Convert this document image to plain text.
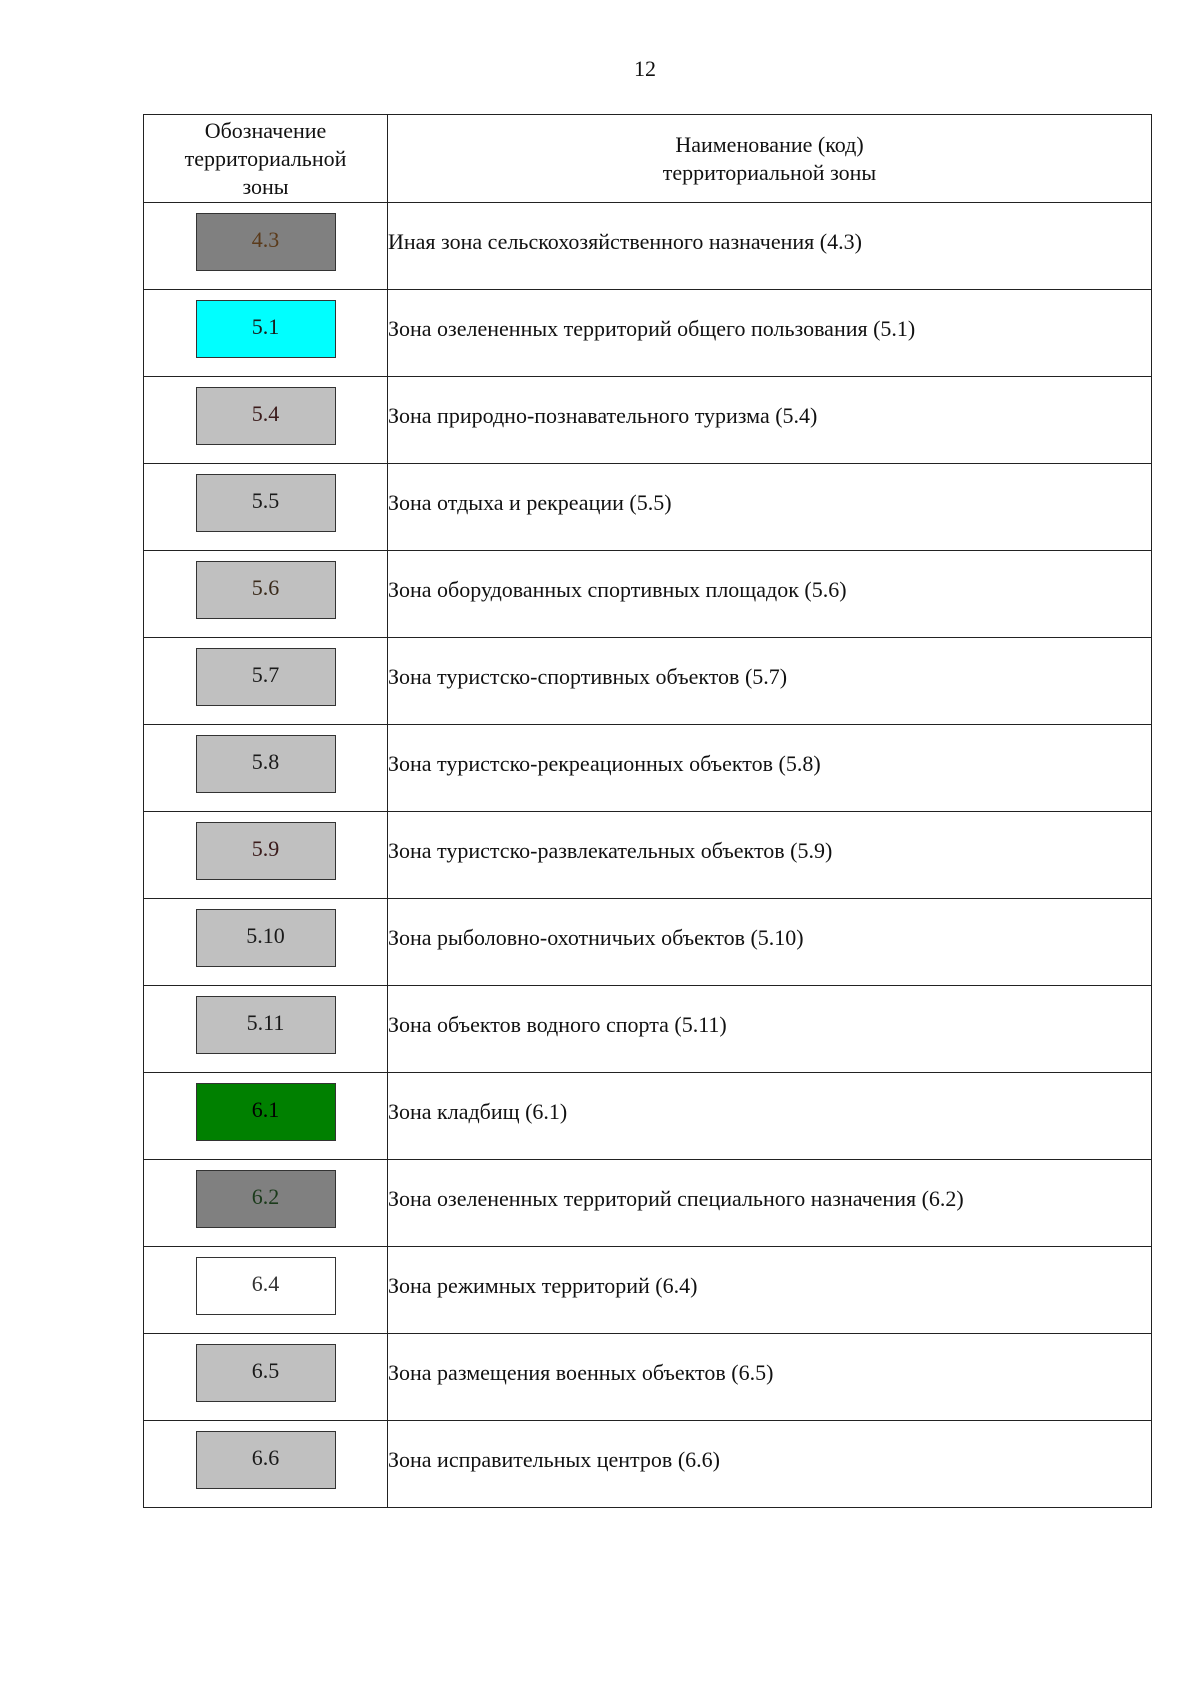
12
Обозначение
территориальной
зоны	Наименование (код)
территориальной зоны

4.3	Иная зона сельскохозяйственного назначения (4.3)
5.1	Зона озелененных территорий общего пользования (5.1)
5.4	Зона природно-познавательного туризма (5.4)
5.5	Зона отдыха и рекреации (5.5)
5.6	Зона оборудованных спортивных площадок (5.6)
5.7	Зона туристско-спортивных объектов (5.7)
5.8	Зона туристско-рекреационных объектов (5.8)
5.9	Зона туристско-развлекательных объектов (5.9)
5.10	Зона рыболовно-охотничьих объектов (5.10)
5.11	Зона объектов водного спорта (5.11)
6.1	Зона кладбищ (6.1)
6.2	Зона озелененных территорий специального назначения (6.2)
6.4	Зона режимных территорий (6.4)
6.5	Зона размещения военных объектов (6.5)
6.6	Зона исправительных центров (6.6)
